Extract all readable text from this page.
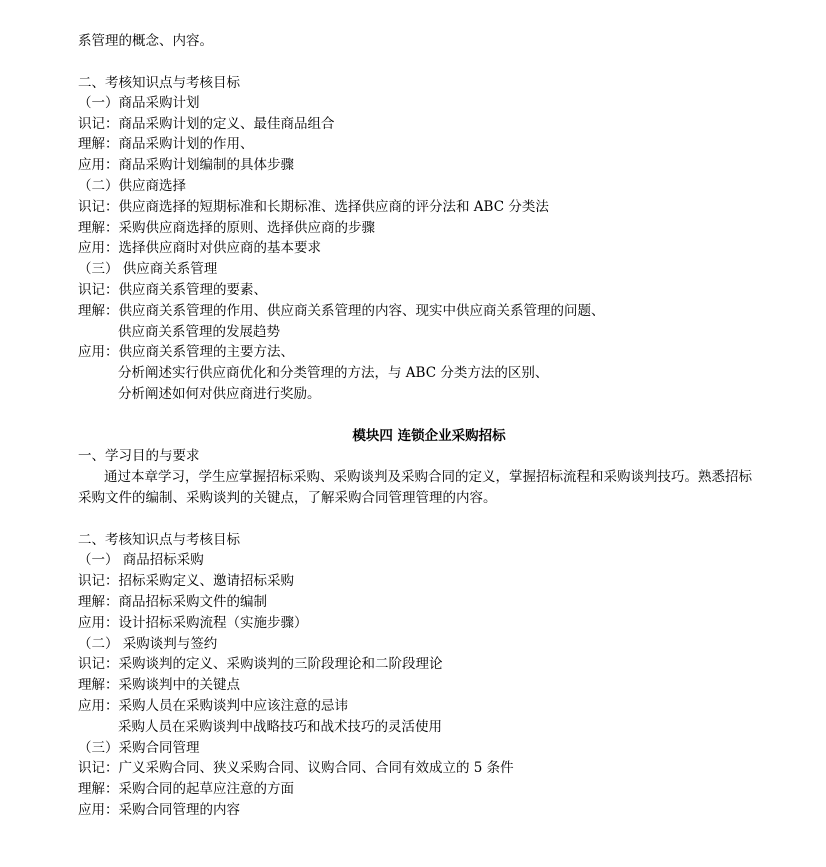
系管理的概念、内容。
二、考核知识点与考核目标
（一）商品采购计划
识记：商品采购计划的定义、最佳商品组合
理解：商品采购计划的作用、
应用：商品采购计划编制的具体步骤
（二）供应商选择
识记：供应商选择的短期标准和长期标准、选择供应商的评分法和 ABC 分类法
理解：采购供应商选择的原则、选择供应商的步骤
应用：选择供应商时对供应商的基本要求
（三） 供应商关系管理
识记：供应商关系管理的要素、
理解：供应商关系管理的作用、供应商关系管理的内容、现实中供应商关系管理的问题、
供应商关系管理的发展趋势
应用：供应商关系管理的主要方法、
分析阐述实行供应商优化和分类管理的方法，与 ABC 分类方法的区别、
分析阐述如何对供应商进行奖励。
模块四 连锁企业采购招标
一、学习目的与要求
通过本章学习，学生应掌握招标采购、采购谈判及采购合同的定义，掌握招标流程和采购谈判技巧。熟悉招标
采购文件的编制、采购谈判的关键点，了解采购合同管理管理的内容。
二、考核知识点与考核目标
（一） 商品招标采购
识记：招标采购定义、邀请招标采购
理解：商品招标采购文件的编制
应用：设计招标采购流程（实施步骤）
（二） 采购谈判与签约
识记：采购谈判的定义、采购谈判的三阶段理论和二阶段理论
理解：采购谈判中的关键点
应用：采购人员在采购谈判中应该注意的忌讳
采购人员在采购谈判中战略技巧和战术技巧的灵活使用
（三）采购合同管理
识记：广义采购合同、狭义采购合同、议购合同、合同有效成立的 5 条件
理解：采购合同的起草应注意的方面
应用：采购合同管理的内容
